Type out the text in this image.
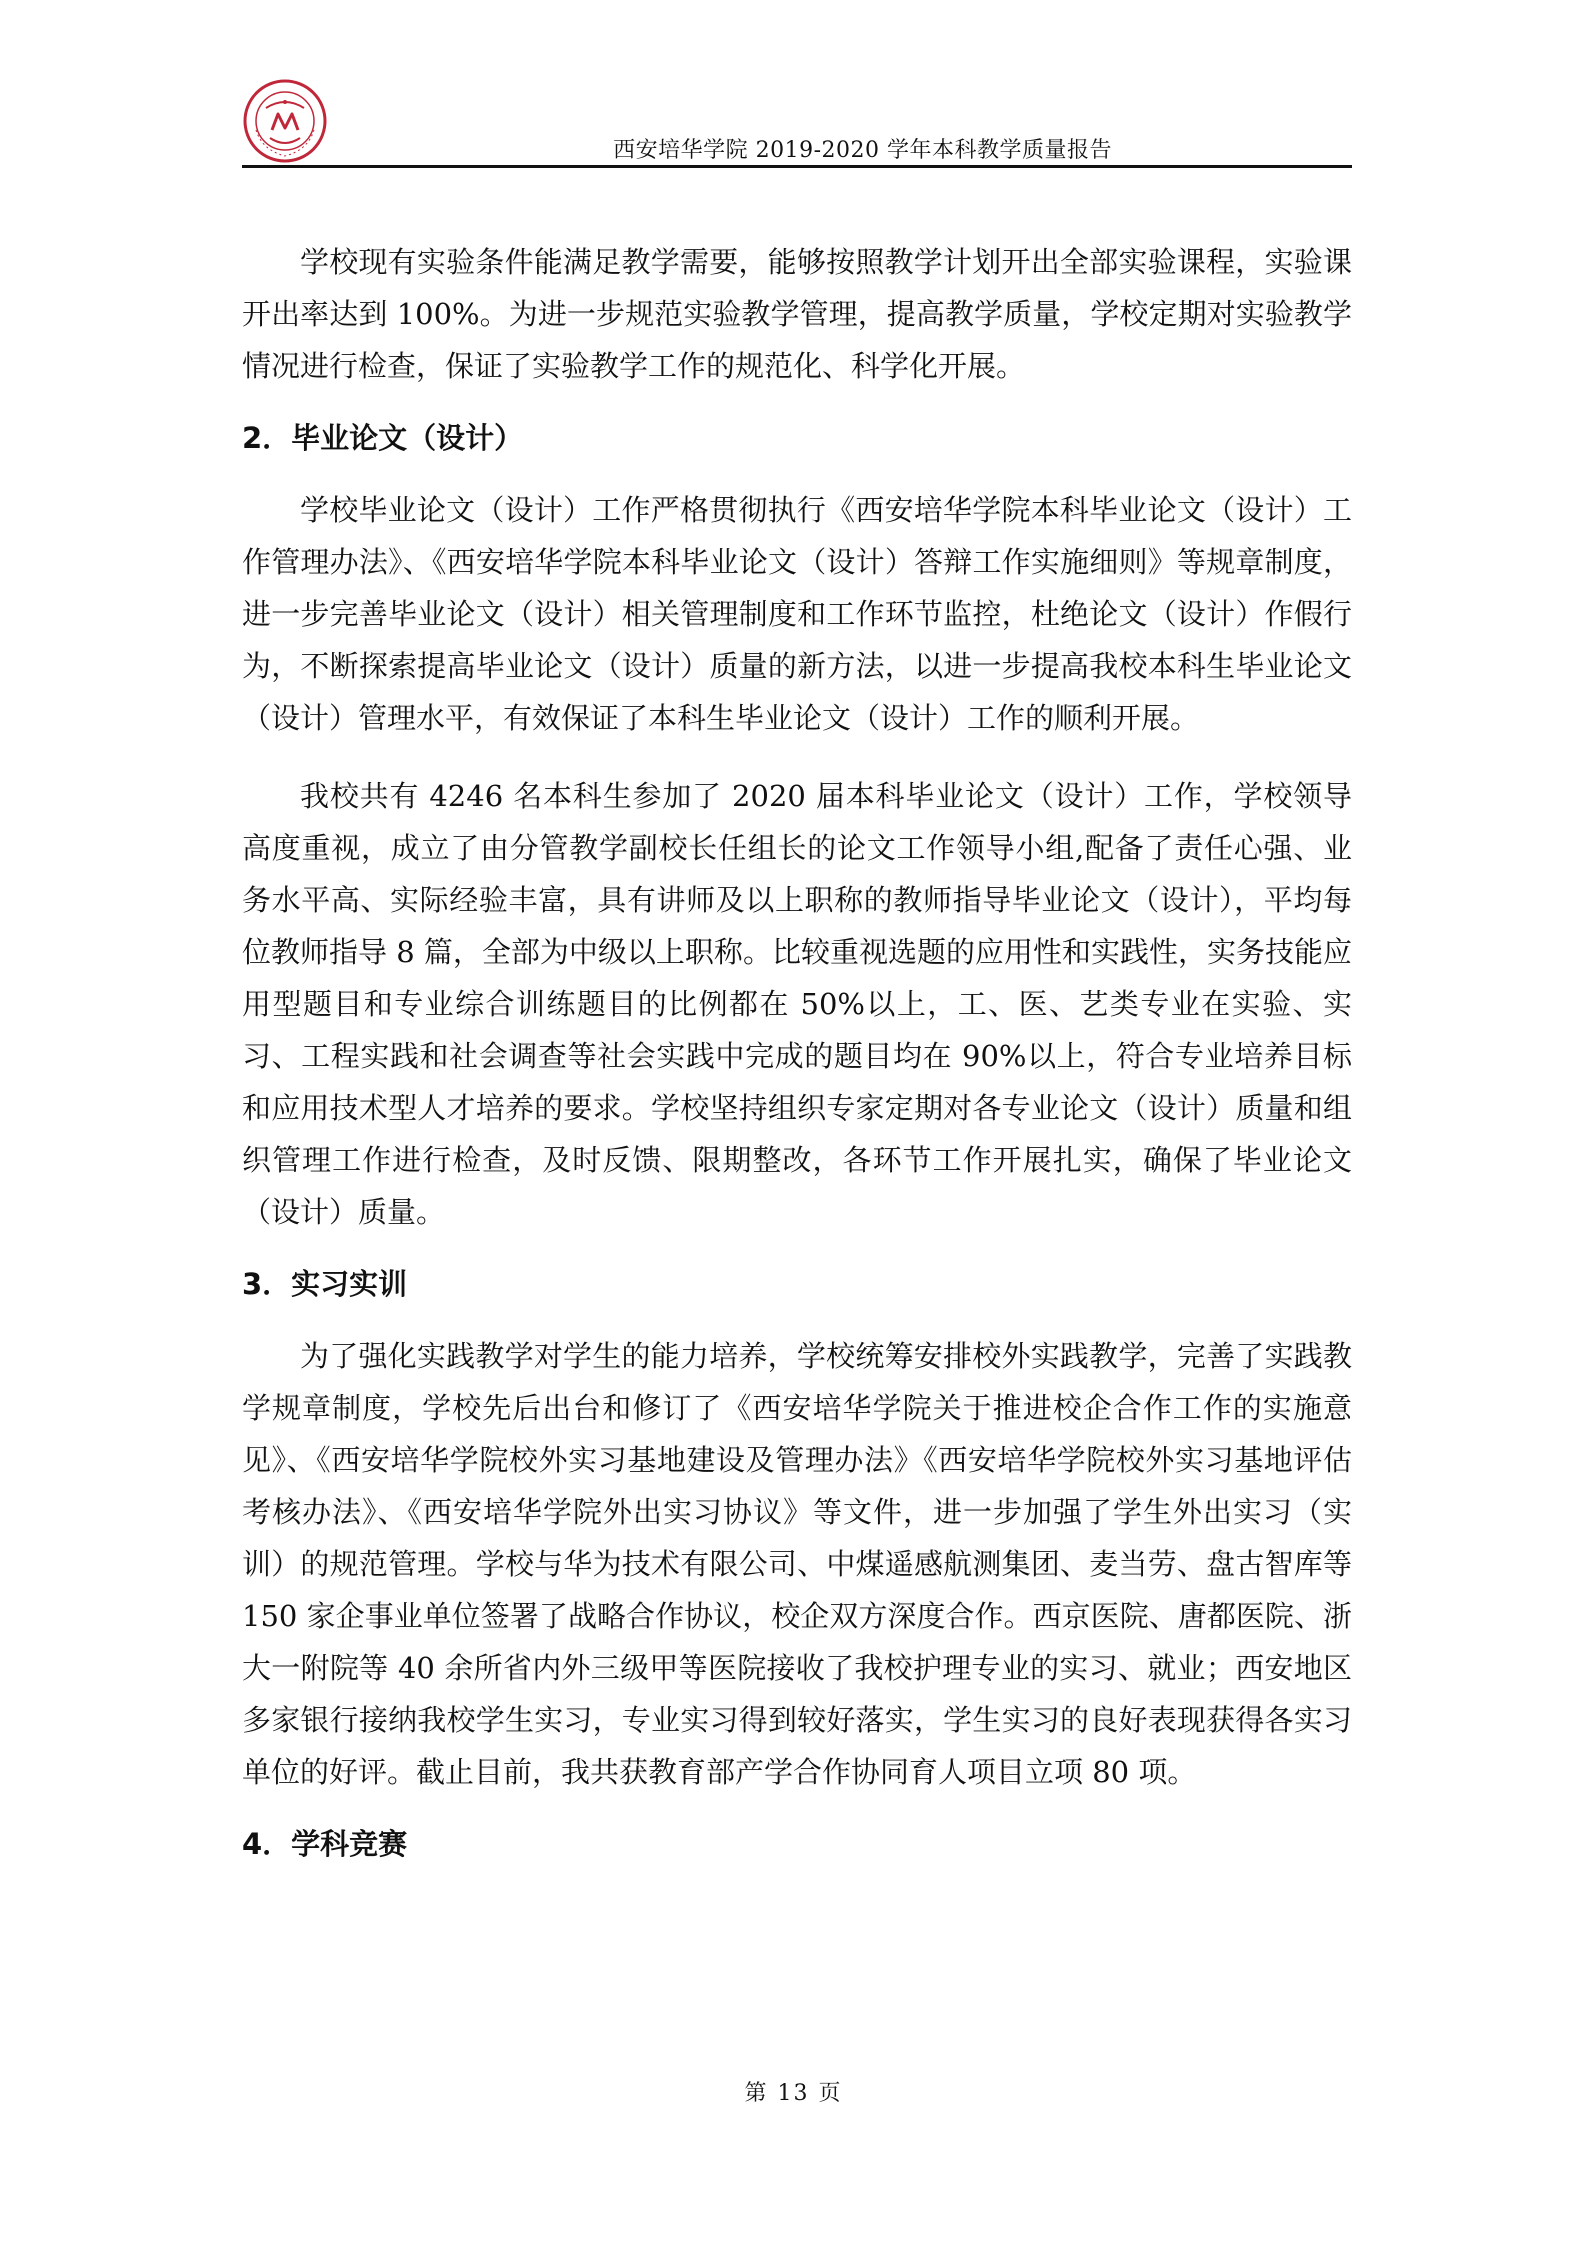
西安培华学院 2019-2020 学年本科教学质量报告

学校现有实验条件能满足教学需要，能够按照教学计划开出全部实验课程，实验课开出率达到 100%。为进一步规范实验教学管理，提高教学质量，学校定期对实验教学情况进行检查，保证了实验教学工作的规范化、科学化开展。

2．毕业论文（设计）

学校毕业论文（设计）工作严格贯彻执行《西安培华学院本科毕业论文（设计）工作管理办法》、《西安培华学院本科毕业论文（设计）答辩工作实施细则》等规章制度，进一步完善毕业论文（设计）相关管理制度和工作环节监控，杜绝论文（设计）作假行为，不断探索提高毕业论文（设计）质量的新方法，以进一步提高我校本科生毕业论文（设计）管理水平，有效保证了本科生毕业论文（设计）工作的顺利开展。

我校共有 4246 名本科生参加了 2020 届本科毕业论文（设计）工作，学校领导高度重视，成立了由分管教学副校长任组长的论文工作领导小组,配备了责任心强、业务水平高、实际经验丰富，具有讲师及以上职称的教师指导毕业论文（设计），平均每位教师指导 8 篇，全部为中级以上职称。比较重视选题的应用性和实践性，实务技能应用型题目和专业综合训练题目的比例都在 50%以上，工、医、艺类专业在实验、实习、工程实践和社会调查等社会实践中完成的题目均在 90%以上，符合专业培养目标和应用技术型人才培养的要求。学校坚持组织专家定期对各专业论文（设计）质量和组织管理工作进行检查，及时反馈、限期整改，各环节工作开展扎实，确保了毕业论文（设计）质量。

3．实习实训

为了强化实践教学对学生的能力培养，学校统筹安排校外实践教学，完善了实践教学规章制度，学校先后出台和修订了《西安培华学院关于推进校企合作工作的实施意见》、《西安培华学院校外实习基地建设及管理办法》《西安培华学院校外实习基地评估考核办法》、《西安培华学院外出实习协议》等文件，进一步加强了学生外出实习（实训）的规范管理。学校与华为技术有限公司、中煤遥感航测集团、麦当劳、盘古智库等 150 家企事业单位签署了战略合作协议，校企双方深度合作。西京医院、唐都医院、浙大一附院等 40 余所省内外三级甲等医院接收了我校护理专业的实习、就业；西安地区多家银行接纳我校学生实习，专业实习得到较好落实，学生实习的良好表现获得各实习单位的好评。截止目前，我共获教育部产学合作协同育人项目立项 80 项。

4．学科竞赛

第 13 页
